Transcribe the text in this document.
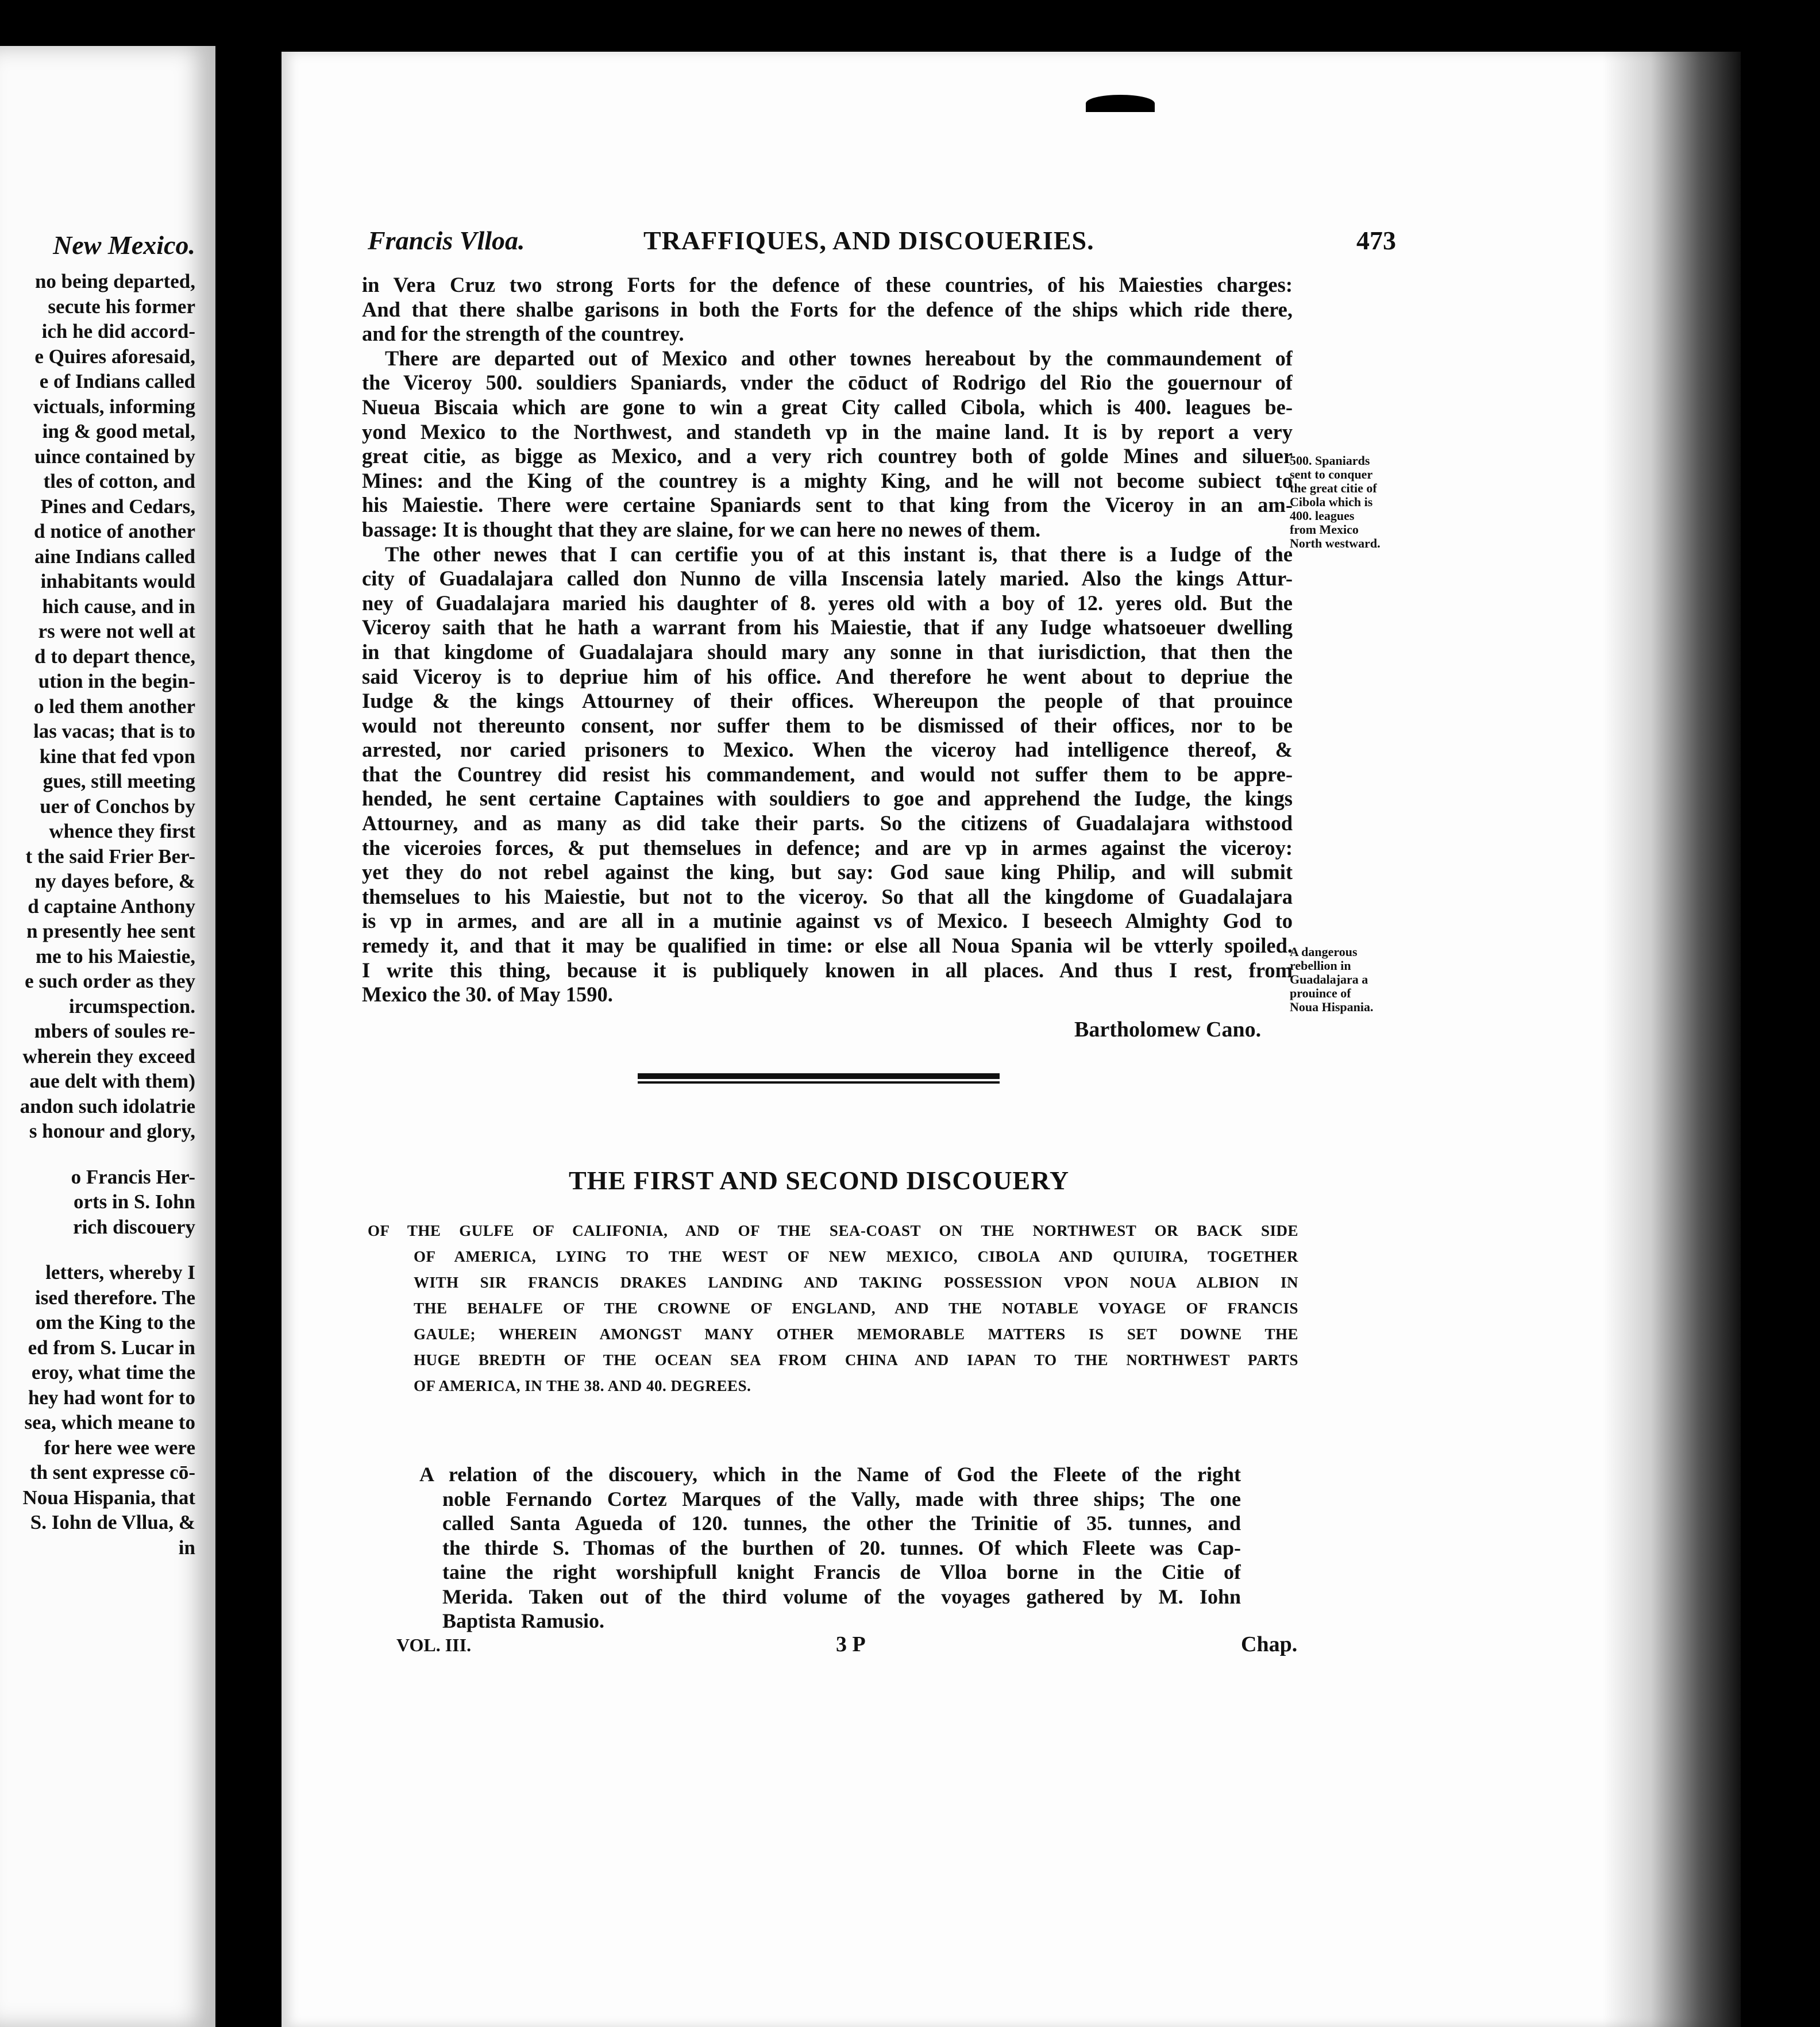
New Mexico.
no being departed,
secute his former
ich he did accord-
e Quires aforesaid,
e of Indians called
victuals, informing
ing & good metal,
uince contained by
tles of cotton, and
Pines and Cedars,
d notice of another
aine Indians called
inhabitants would
hich cause, and in
rs were not well at
d to depart thence,
ution in the begin-
o led them another
las vacas; that is to
kine that fed vpon
gues, still meeting
uer of Conchos by
whence they first
t the said Frier Ber-
ny dayes before, &
d captaine Anthony
n presently hee sent
me to his Maiestie,
e such order as they
ircumspection.
mbers of soules re-
wherein they exceed
aue delt with them)
andon such idolatrie
s honour and glory,
o Francis Her-
orts in S. Iohn
rich discouery
letters, whereby I
ised therefore. The
om the King to the
ed from S. Lucar in
eroy, what time the
hey had wont for to
sea, which meane to
for here wee were
th sent expresse cō-
Noua Hispania, that
S. Iohn de Vllua, &
in
Francis Vlloa.	TRAFFIQUES, AND DISCOUERIES.	473
in Vera Cruz two strong Forts for the defence of these countries, of his Maiesties charges:
And that there shalbe garisons in both the Forts for the defence of the ships which ride there,
and for the strength of the countrey.
There are departed out of Mexico and other townes hereabout by the commaundement of
the Viceroy 500. souldiers Spaniards, vnder the cōduct of Rodrigo del Rio the gouernour of
Nueua Biscaia which are gone to win a great City called Cibola, which is 400. leagues be-
yond Mexico to the Northwest, and standeth vp in the maine land. It is by report a very
great citie, as bigge as Mexico, and a very rich countrey both of golde Mines and siluer
Mines: and the King of the countrey is a mighty King, and he will not become subiect to
his Maiestie. There were certaine Spaniards sent to that king from the Viceroy in an am-
bassage: It is thought that they are slaine, for we can here no newes of them.
The other newes that I can certifie you of at this instant is, that there is a Iudge of the
city of Guadalajara called don Nunno de villa Inscensia lately maried. Also the kings Attur-
ney of Guadalajara maried his daughter of 8. yeres old with a boy of 12. yeres old. But the
Viceroy saith that he hath a warrant from his Maiestie, that if any Iudge whatsoeuer dwelling
in that kingdome of Guadalajara should mary any sonne in that iurisdiction, that then the
said Viceroy is to depriue him of his office. And therefore he went about to depriue the
Iudge & the kings Attourney of their offices. Whereupon the people of that prouince
would not thereunto consent, nor suffer them to be dismissed of their offices, nor to be
arrested, nor caried prisoners to Mexico. When the viceroy had intelligence thereof, &
that the Countrey did resist his commandement, and would not suffer them to be appre-
hended, he sent certaine Captaines with souldiers to goe and apprehend the Iudge, the kings
Attourney, and as many as did take their parts. So the citizens of Guadalajara withstood
the viceroies forces, & put themselues in defence; and are vp in armes against the viceroy:
yet they do not rebel against the king, but say: God saue king Philip, and will submit
themselues to his Maiestie, but not to the viceroy. So that all the kingdome of Guadalajara
is vp in armes, and are all in a mutinie against vs of Mexico. I beseech Almighty God to
remedy it, and that it may be qualified in time: or else all Noua Spania wil be vtterly spoiled.
I write this thing, because it is publiquely knowen in all places. And thus I rest, from
Mexico the 30. of May 1590.
500. Spaniards
sent to conquer
the great citie of
Cibola which is
400. leagues
from Mexico
North westward.
A dangerous
rebellion in
Guadalajara a
prouince of
Noua Hispania.
Bartholomew Cano.
THE FIRST AND SECOND DISCOUERY
OF THE GULFE OF CALIFONIA, AND OF THE SEA-COAST ON THE NORTHWEST OR BACK SIDE
OF AMERICA, LYING TO THE WEST OF NEW MEXICO, CIBOLA AND QUIUIRA, TOGETHER
WITH SIR FRANCIS DRAKES LANDING AND TAKING POSSESSION VPON NOUA ALBION IN
THE BEHALFE OF THE CROWNE OF ENGLAND, AND THE NOTABLE VOYAGE OF FRANCIS
GAULE; WHEREIN AMONGST MANY OTHER MEMORABLE MATTERS IS SET DOWNE THE
HUGE BREDTH OF THE OCEAN SEA FROM CHINA AND IAPAN TO THE NORTHWEST PARTS
OF AMERICA, IN THE 38. AND 40. DEGREES.
A relation of the discouery, which in the Name of God the Fleete of the right
noble Fernando Cortez Marques of the Vally, made with three ships; The one
called Santa Agueda of 120. tunnes, the other the Trinitie of 35. tunnes, and
the thirde S. Thomas of the burthen of 20. tunnes. Of which Fleete was Cap-
taine the right worshipfull knight Francis de Vlloa borne in the Citie of
Merida. Taken out of the third volume of the voyages gathered by M. Iohn
Baptista Ramusio.
VOL. III.	3 P	Chap.
